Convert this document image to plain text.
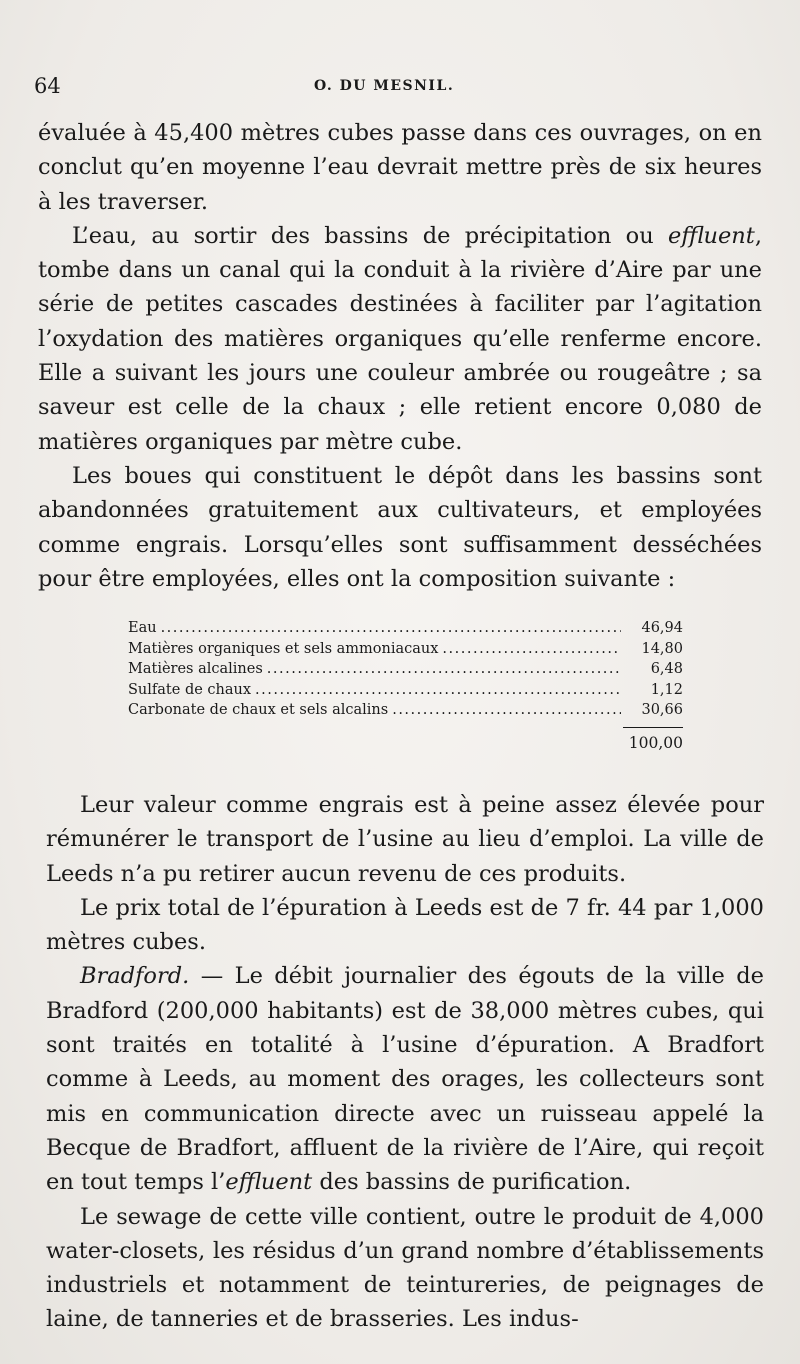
64	O. DU MESNIL.

évaluée à 45,400 mètres cubes passe dans ces ouvrages, on en conclut qu’en moyenne l’eau devrait mettre près de six heures à les traverser.

L’eau, au sortir des bassins de précipitation ou effluent, tombe dans un canal qui la conduit à la rivière d’Aire par une série de petites cascades destinées à faciliter par l’agitation l’oxydation des matières organiques qu’elle renferme encore. Elle a suivant les jours une couleur ambrée ou rougeâtre ; sa saveur est celle de la chaux ; elle retient encore 0,080 de matières organiques par mètre cube.

Les boues qui constituent le dépôt dans les bassins sont abandonnées gratuitement aux cultivateurs, et employées comme engrais. Lorsqu’elles sont suffisamment desséchées pour être employées, elles ont la composition suivante :

Eau .....	46,94
Matières organiques et sels ammoniacaux .....	14,80
Matières alcalines .....	6,48
Sulfate de chaux .....	1,12
Carbonate de chaux et sels alcalins .....	30,66
100,00

Leur valeur comme engrais est à peine assez élevée pour rémunérer le transport de l’usine au lieu d’emploi. La ville de Leeds n’a pu retirer aucun revenu de ces produits.

Le prix total de l’épuration à Leeds est de 7 fr. 44 par 1,000 mètres cubes.

Bradford. — Le débit journalier des égouts de la ville de Bradford (200,000 habitants) est de 38,000 mètres cubes, qui sont traités en totalité à l’usine d’épuration. A Bradfort comme à Leeds, au moment des orages, les collecteurs sont mis en communication directe avec un ruisseau appelé la Becque de Bradfort, affluent de la rivière de l’Aire, qui reçoit en tout temps l’effluent des bassins de purification.

Le sewage de cette ville contient, outre le produit de 4,000 water-closets, les résidus d’un grand nombre d’établissements industriels et notamment de teintureries, de peignages de laine, de tanneries et de brasseries. Les indus-
